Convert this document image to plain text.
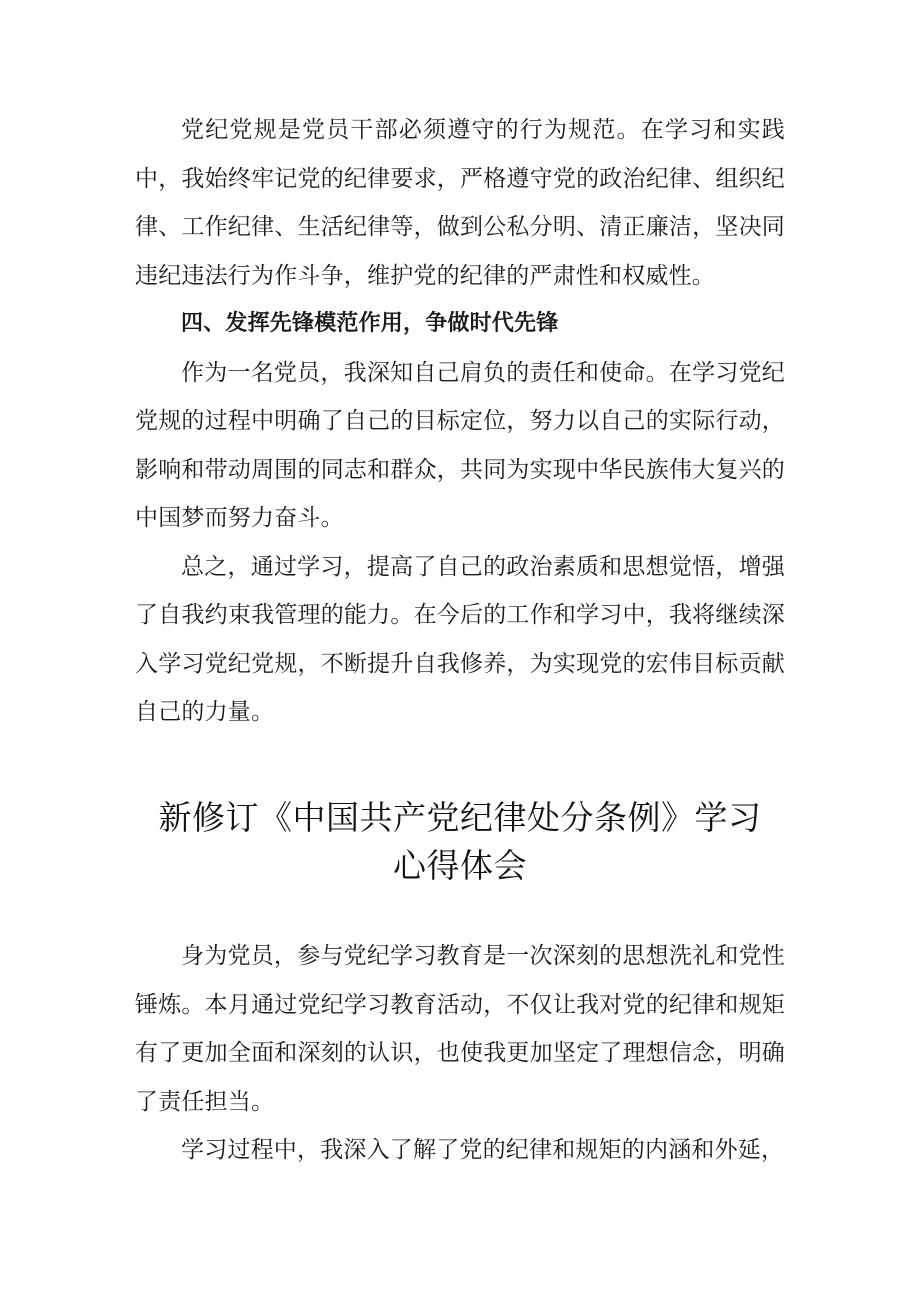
党纪党规是党员干部必须遵守的行为规范。在学习和实践中，我始终牢记党的纪律要求，严格遵守党的政治纪律、组织纪律、工作纪律、生活纪律等，做到公私分明、清正廉洁，坚决同违纪违法行为作斗争，维护党的纪律的严肃性和权威性。

四、发挥先锋模范作用，争做时代先锋

作为一名党员，我深知自己肩负的责任和使命。在学习党纪党规的过程中明确了自己的目标定位，努力以自己的实际行动，影响和带动周围的同志和群众，共同为实现中华民族伟大复兴的中国梦而努力奋斗。

总之，通过学习，提高了自己的政治素质和思想觉悟，增强了自我约束我管理的能力。在今后的工作和学习中，我将继续深入学习党纪党规，不断提升自我修养，为实现党的宏伟目标贡献自己的力量。

新修订《中国共产党纪律处分条例》学习
心得体会

身为党员，参与党纪学习教育是一次深刻的思想洗礼和党性锤炼。本月通过党纪学习教育活动，不仅让我对党的纪律和规矩有了更加全面和深刻的认识，也使我更加坚定了理想信念，明确了责任担当。

学习过程中，我深入了解了党的纪律和规矩的内涵和外延，
